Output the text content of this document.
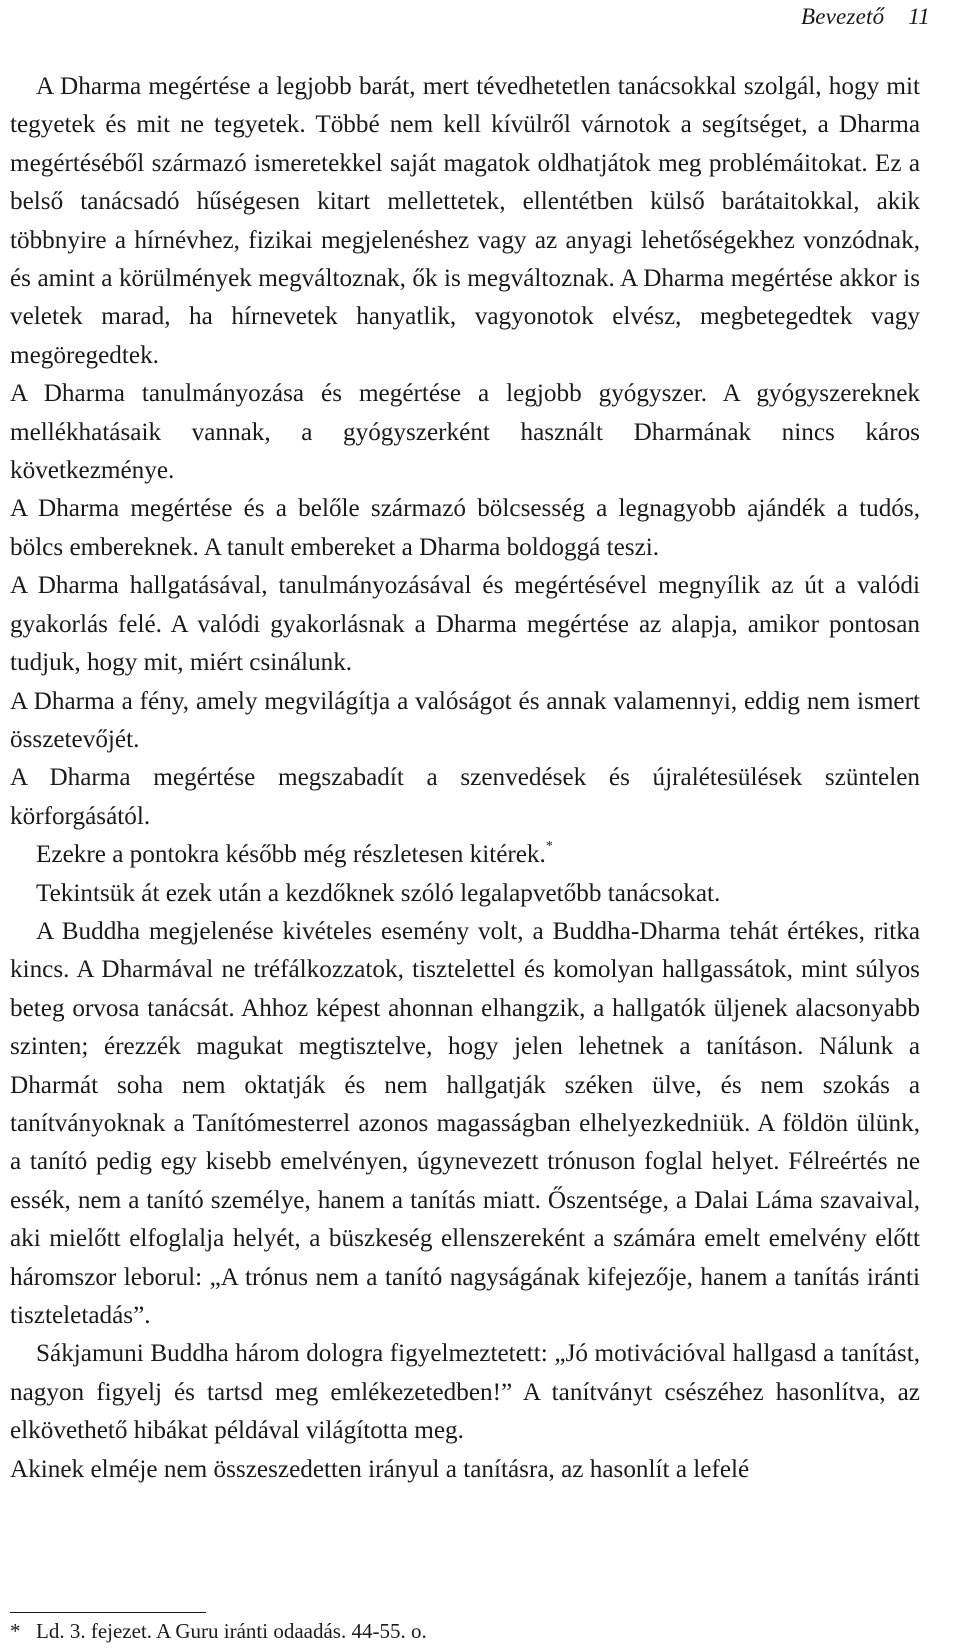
Bevezető 11

A Dharma megértése a legjobb barát, mert tévedhetetlen tanácsokkal szolgál, hogy mit tegyetek és mit ne tegyetek. Többé nem kell kívülről várnotok a segítséget, a Dharma megértéséből származó ismeretekkel saját magatok oldhatjátok meg problémáitokat. Ez a belső tanácsadó hűségesen kitart mellettetek, ellentétben külső barátaitokkal, akik többnyire a hírnévhez, fizikai megjelenéshez vagy az anyagi lehetőségekhez vonzódnak, és amint a körülmények megváltoznak, ők is megváltoznak. A Dharma megértése akkor is veletek marad, ha hírnevetek hanyatlik, vagyonotok elvész, megbetegedtek vagy megöregedtek.

A Dharma tanulmányozása és megértése a legjobb gyógyszer. A gyógyszereknek mellékhatásaik vannak, a gyógyszerként használt Dharmának nincs káros következménye.

A Dharma megértése és a belőle származó bölcsesség a legnagyobb ajándék a tudós, bölcs embereknek. A tanult embereket a Dharma boldoggá teszi.

A Dharma hallgatásával, tanulmányozásával és megértésével megnyílik az út a valódi gyakorlás felé. A valódi gyakorlásnak a Dharma megértése az alapja, amikor pontosan tudjuk, hogy mit, miért csinálunk.

A Dharma a fény, amely megvilágítja a valóságot és annak valamennyi, eddig nem ismert összetevőjét.

A Dharma megértése megszabadít a szenvedések és újralétesülések szüntelen körforgásától.

Ezekre a pontokra később még részletesen kitérek.*

Tekintsük át ezek után a kezdőknek szóló legalapvetőbb tanácsokat.

A Buddha megjelenése kivételes esemény volt, a Buddha-Dharma tehát értékes, ritka kincs. A Dharmával ne tréfálkozzatok, tisztelettel és komolyan hallgassátok, mint súlyos beteg orvosa tanácsát. Ahhoz képest ahonnan elhangzik, a hallgatók üljenek alacsonyabb szinten; érezzék magukat megtisztelve, hogy jelen lehetnek a tanításon. Nálunk a Dharmát soha nem oktatják és nem hallgatják széken ülve, és nem szokás a tanítványoknak a Tanítómesterrel azonos magasságban elhelyezkedniük. A földön ülünk, a tanító pedig egy kisebb emelvényen, úgynevezett trónuson foglal helyet. Félreértés ne essék, nem a tanító személye, hanem a tanítás miatt. Őszentsége, a Dalai Láma szavaival, aki mielőtt elfoglalja helyét, a büszkeség ellenszereként a számára emelt emelvény előtt háromszor leborul: „A trónus nem a tanító nagyságának kifejezője, hanem a tanítás iránti tiszteletadás”.

Sákjamuni Buddha három dologra figyelmeztetett: „Jó motivációval hallgasd a tanítást, nagyon figyelj és tartsd meg emlékezetedben!” A tanítványt csészéhez hasonlítva, az elkövethető hibákat példával világította meg.

Akinek elméje nem összeszedetten irányul a tanításra, az hasonlít a lefelé

* Ld. 3. fejezet. A Guru iránti odaadás. 44-55. o.
